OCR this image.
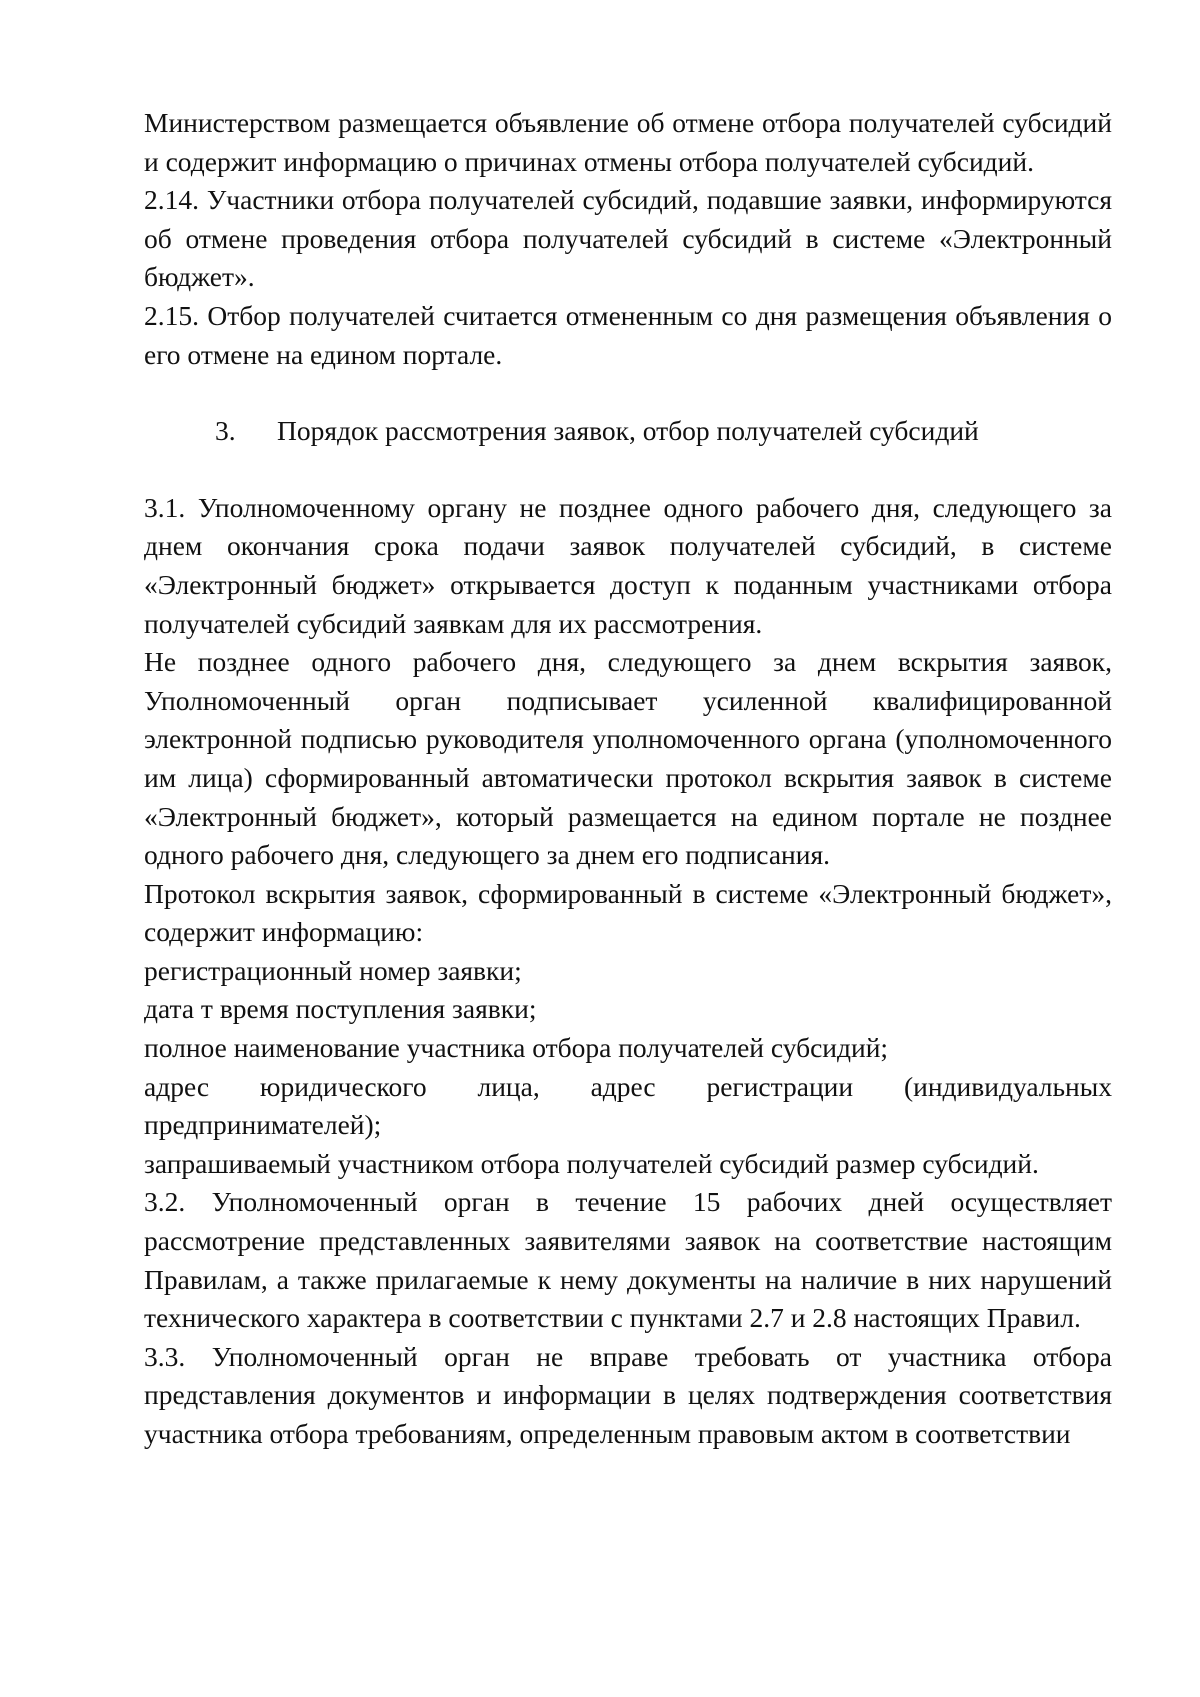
Министерством размещается объявление об отмене отбора получателей субсидий и содержит информацию о причинах отмены отбора получателей субсидий.

2.14. Участники отбора получателей субсидий, подавшие заявки, информируются об отмене проведения отбора получателей субсидий в системе «Электронный бюджет».

2.15. Отбор получателей считается отмененным со дня размещения объявления о его отмене на едином портале.

3.	Порядок рассмотрения заявок, отбор получателей субсидий

3.1. Уполномоченному органу не позднее одного рабочего дня, следующего за днем окончания срока подачи заявок получателей субсидий, в системе «Электронный бюджет» открывается доступ к поданным участниками отбора получателей субсидий заявкам для их рассмотрения.

Не позднее одного рабочего дня, следующего за днем вскрытия заявок, Уполномоченный орган подписывает усиленной квалифицированной электронной подписью руководителя уполномоченного органа (уполномоченного им лица) сформированный автоматически протокол вскрытия заявок в системе «Электронный бюджет», который размещается на едином портале не позднее одного рабочего дня, следующего за днем его подписания.

Протокол вскрытия заявок, сформированный в системе «Электронный бюджет», содержит информацию:

регистрационный номер заявки;

дата т время поступления заявки;

полное наименование участника отбора получателей субсидий;

адрес юридического лица, адрес регистрации (индивидуальных предпринимателей);

запрашиваемый участником отбора получателей субсидий размер субсидий.

3.2. Уполномоченный орган в течение 15 рабочих дней осуществляет рассмотрение представленных заявителями заявок на соответствие настоящим Правилам, а также прилагаемые к нему документы на наличие в них нарушений технического характера в соответствии с пунктами 2.7 и 2.8 настоящих Правил.

3.3. Уполномоченный орган не вправе требовать от участника отбора представления документов и информации в целях подтверждения соответствия участника отбора требованиям, определенным правовым актом в соответствии
